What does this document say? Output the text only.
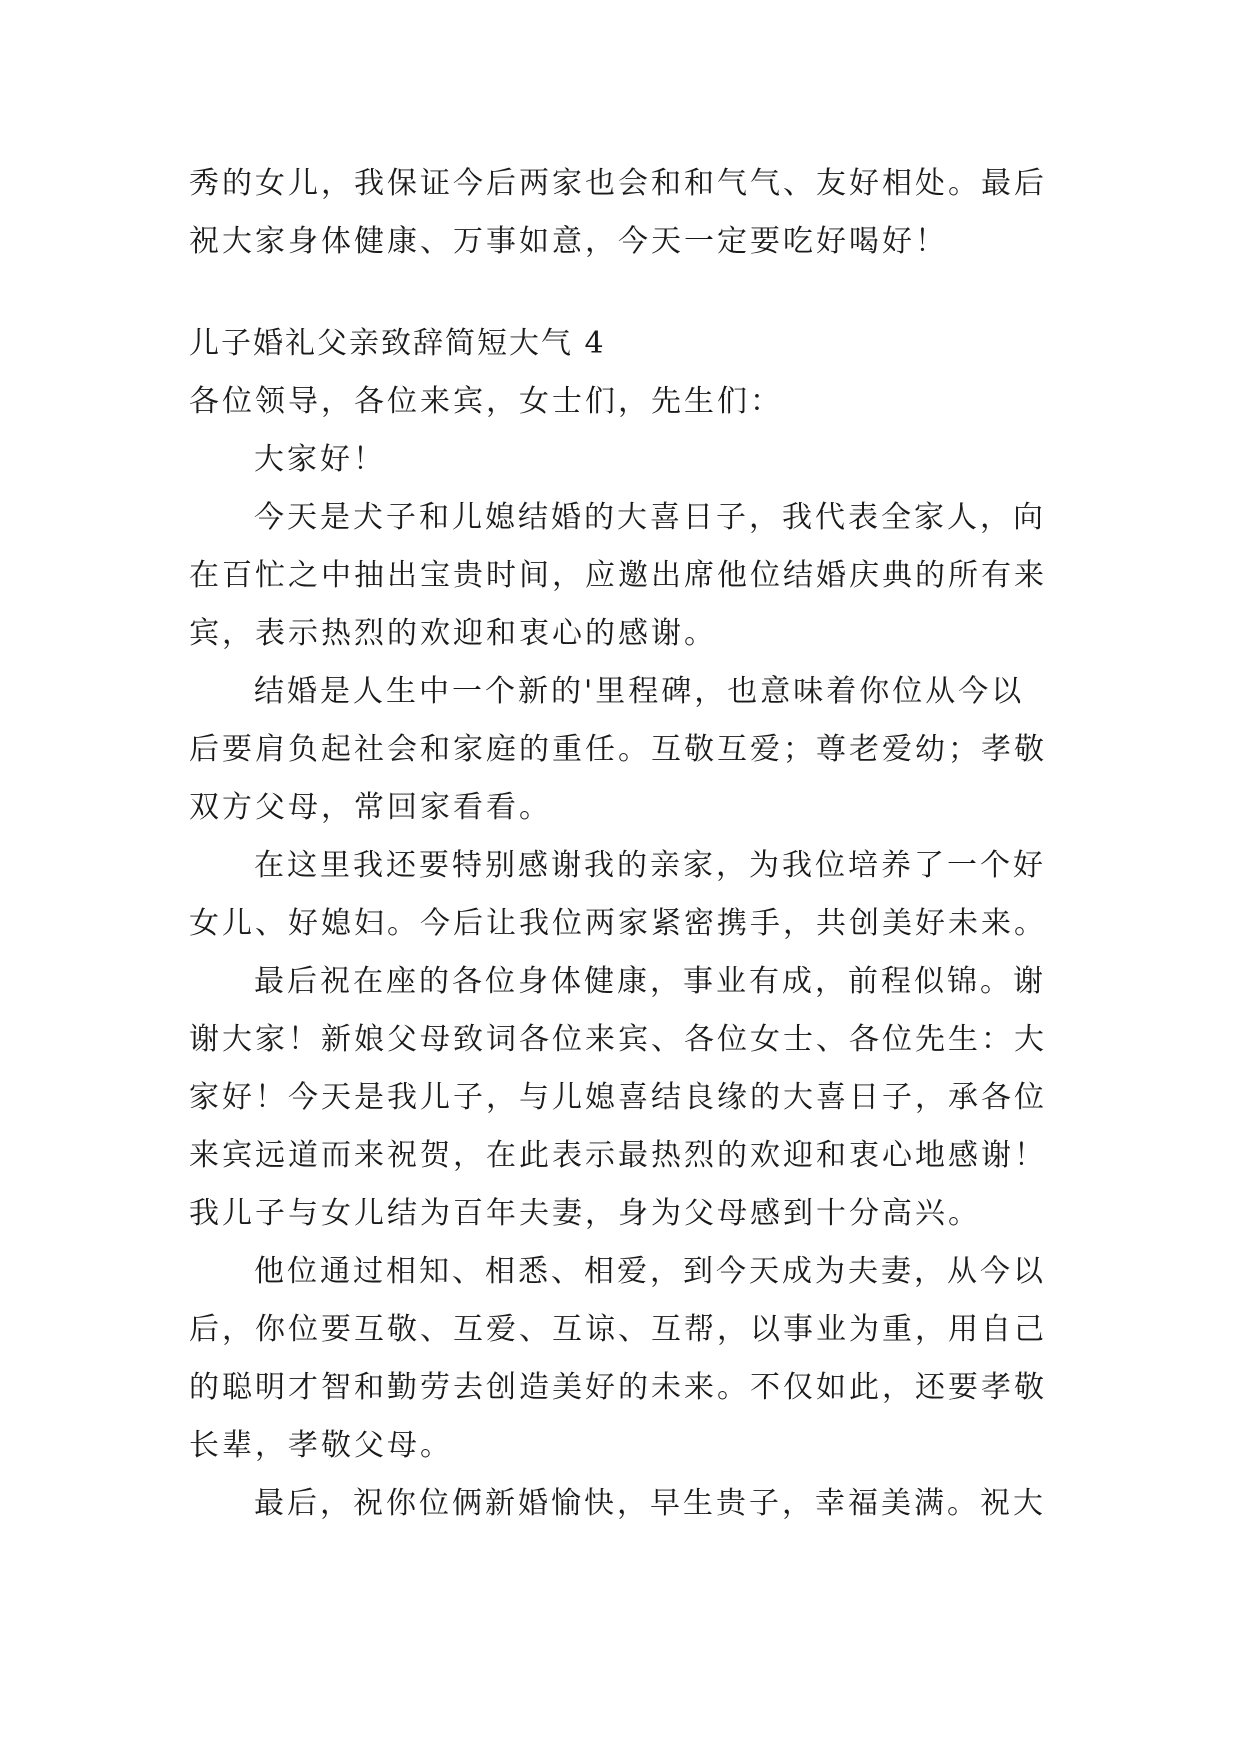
秀的女儿，我保证今后两家也会和和气气、友好相处。最后
祝大家身体健康、万事如意，今天一定要吃好喝好！
儿子婚礼父亲致辞简短大气 4
各位领导，各位来宾，女士们，先生们：
大家好！
今天是犬子和儿媳结婚的大喜日子，我代表全家人，向
在百忙之中抽出宝贵时间，应邀出席他位结婚庆典的所有来
宾，表示热烈的欢迎和衷心的感谢。
结婚是人生中一个新的'里程碑，也意味着你位从今以
后要肩负起社会和家庭的重任。互敬互爱；尊老爱幼；孝敬
双方父母，常回家看看。
在这里我还要特别感谢我的亲家，为我位培养了一个好
女儿、好媳妇。今后让我位两家紧密携手，共创美好未来。
最后祝在座的各位身体健康，事业有成，前程似锦。谢
谢大家！新娘父母致词各位来宾、各位女士、各位先生：大
家好！今天是我儿子，与儿媳喜结良缘的大喜日子，承各位
来宾远道而来祝贺，在此表示最热烈的欢迎和衷心地感谢！
我儿子与女儿结为百年夫妻，身为父母感到十分高兴。
他位通过相知、相悉、相爱，到今天成为夫妻，从今以
后，你位要互敬、互爱、互谅、互帮，以事业为重，用自己
的聪明才智和勤劳去创造美好的未来。不仅如此，还要孝敬
长辈，孝敬父母。
最后，祝你位俩新婚愉快，早生贵子，幸福美满。祝大
